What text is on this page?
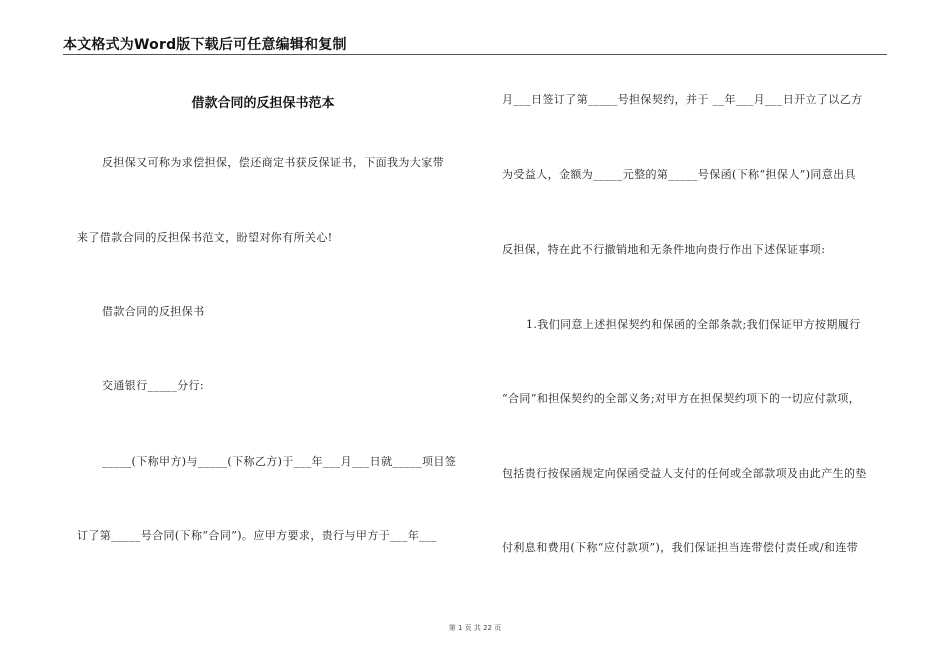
本文格式为Word版下载后可任意编辑和复制
借款合同的反担保书范本
反担保又可称为求偿担保，偿还商定书获反保证书，下面我为大家带
来了借款合同的反担保书范文，盼望对你有所关心!
借款合同的反担保书
交通银行_____分行:
_____(下称甲方)与_____(下称乙方)于___年___月___日就_____项目签
订了第_____号合同(下称“合同”)。应甲方要求，贵行与甲方于___年___
月___日签订了第_____号担保契约，并于 __年___月___日开立了以乙方
为受益人，金额为_____元整的第_____号保函(下称“担保人”)同意出具
反担保，特在此不行撤销地和无条件地向贵行作出下述保证事项:
1.我们同意上述担保契约和保函的全部条款;我们保证甲方按期履行
“合同”和担保契约的全部义务;对甲方在担保契约项下的一切应付款项，
包括贵行按保函规定向保函受益人支付的任何或全部款项及由此产生的垫
付利息和费用(下称“应付款项”)，我们保证担当连带偿付责任或/和连带
第 1 页 共 22 页
